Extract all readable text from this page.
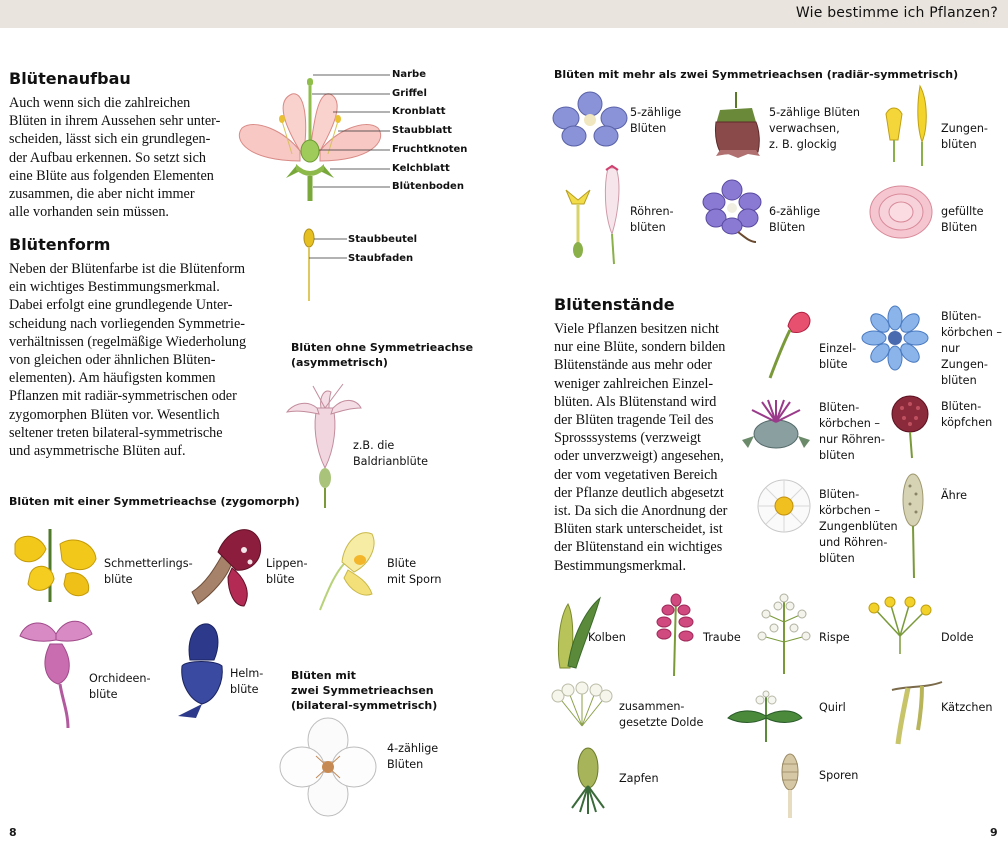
Wie bestimme ich Pflanzen?
Blütenaufbau
Auch wenn sich die zahlreichen
Blüten in ihrem Aussehen sehr unter-
scheiden, lässt sich ein grundlegen-
der Aufbau erkennen. So setzt sich
eine Blüte aus folgenden Elementen
zusammen, die aber nicht immer
alle vorhanden sein müssen.
Narbe
Griffel
Kronblatt
Staubblatt
Fruchtknoten
Kelchblatt
Blütenboden
Staubbeutel
Staubfaden
Blütenform
Neben der Blütenfarbe ist die Blütenform
ein wichtiges Bestimmungsmerkmal.
Dabei erfolgt eine grundlegende Unter-
scheidung nach vorliegenden Symmetrie-
verhältnissen (regelmäßige Wiederholung
von gleichen oder ähnlichen Blüten-
elementen). Am häufigsten kommen
Pflanzen mit radiär-symmetrischen oder
zygomorphen Blüten vor. Wesentlich
seltener treten bilateral-symmetrische
und asymmetrische Blüten auf.
Blüten ohne Symmetrieachse
(asymmetrisch)
z.B. die
Baldrianblüte
Blüten mit einer Symmetrieachse (zygomorph)
Schmetterlings-
blüte
Lippen-
blüte
Blüte
mit Sporn
Orchideen-
blüte
Helm-
blüte
Blüten mit
zwei Symmetrieachsen
(bilateral-symmetrisch)
4-zählige
Blüten
8
Blüten mit mehr als zwei Symmetrieachsen (radiär-symmetrisch)
5-zählige
Blüten
5-zählige Blüten
verwachsen,
z. B. glockig
Zungen-
blüten
Röhren-
blüten
6-zählige
Blüten
gefüllte
Blüten
Blütenstände
Viele Pflanzen besitzen nicht
nur eine Blüte, sondern bilden
Blütenstände aus mehr oder
weniger zahlreichen Einzel-
blüten. Als Blütenstand wird
der Blüten tragende Teil des
Sprosssystems (verzweigt
oder unverzweigt) angesehen,
der vom vegetativen Bereich
der Pflanze deutlich abgesetzt
ist. Da sich die Anordnung der
Blüten stark unterscheidet, ist
der Blütenstand ein wichtiges
Bestimmungsmerkmal.
Einzel-
blüte
Blüten-
körbchen –
nur Zungen-
blüten
Blüten-
körbchen –
nur Röhren-
blüten
Blüten-
köpfchen
Blüten-
körbchen –
Zungenblüten
und Röhren-
blüten
Ähre
Kolben	Traube	Rispe	Dolde
zusammen-
gesetzte Dolde
Quirl	Kätzchen
Zapfen	Sporen
9
